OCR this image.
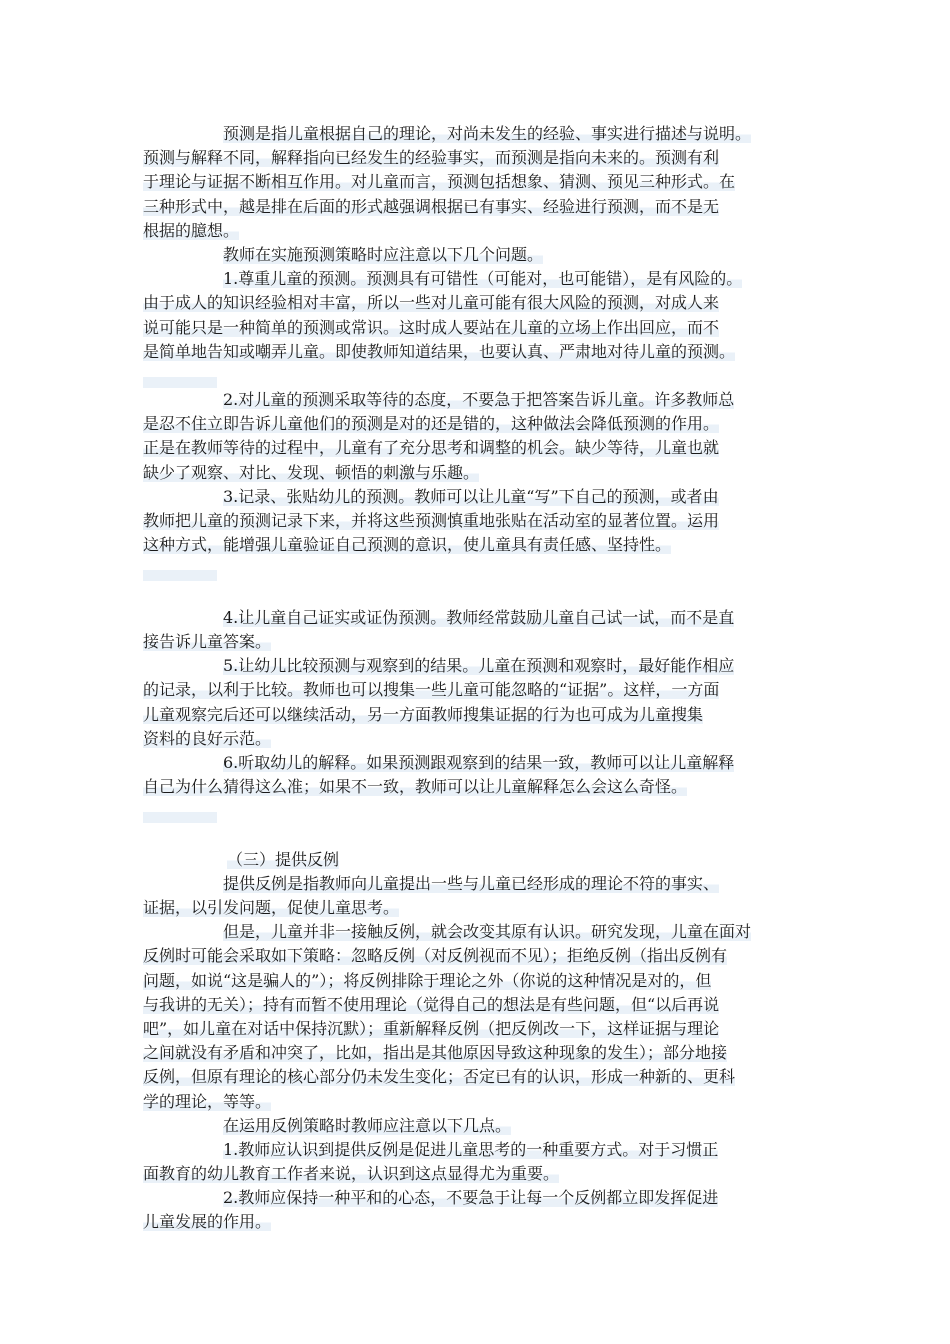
预测是指儿童根据自己的理论，对尚未发生的经验、事实进行描述与说明。
预测与解释不同，解释指向已经发生的经验事实，而预测是指向未来的。预测有利
于理论与证据不断相互作用。对儿童而言，预测包括想象、猜测、预见三种形式。在
三种形式中，越是排在后面的形式越强调根据已有事实、经验进行预测，而不是无
根据的臆想。
教师在实施预测策略时应注意以下几个问题。
1.尊重儿童的预测。预测具有可错性（可能对，也可能错），是有风险的。
由于成人的知识经验相对丰富，所以一些对儿童可能有很大风险的预测，对成人来
说可能只是一种简单的预测或常识。这时成人要站在儿童的立场上作出回应，而不
是简单地告知或嘲弄儿童。即使教师知道结果，也要认真、严肃地对待儿童的预测。
2.对儿童的预测采取等待的态度，不要急于把答案告诉儿童。许多教师总
是忍不住立即告诉儿童他们的预测是对的还是错的，这种做法会降低预测的作用。
正是在教师等待的过程中，儿童有了充分思考和调整的机会。缺少等待，儿童也就
缺少了观察、对比、发现、顿悟的刺激与乐趣。
3.记录、张贴幼儿的预测。教师可以让儿童“写”下自己的预测，或者由
教师把儿童的预测记录下来，并将这些预测慎重地张贴在活动室的显著位置。运用
这种方式，能增强儿童验证自己预测的意识，使儿童具有责任感、坚持性。
4.让儿童自己证实或证伪预测。教师经常鼓励儿童自己试一试，而不是直
接告诉儿童答案。
5.让幼儿比较预测与观察到的结果。儿童在预测和观察时，最好能作相应
的记录，以利于比较。教师也可以搜集一些儿童可能忽略的“证据”。这样，一方面
儿童观察完后还可以继续活动，另一方面教师搜集证据的行为也可成为儿童搜集
资料的良好示范。
6.听取幼儿的解释。如果预测跟观察到的结果一致，教师可以让儿童解释
自己为什么猜得这么准；如果不一致，教师可以让儿童解释怎么会这么奇怪。
（三）提供反例
提供反例是指教师向儿童提出一些与儿童已经形成的理论不符的事实、
证据，以引发问题，促使儿童思考。
但是，儿童并非一接触反例，就会改变其原有认识。研究发现，儿童在面对
反例时可能会采取如下策略：忽略反例（对反例视而不见）；拒绝反例（指出反例有
问题，如说“这是骗人的”）；将反例排除于理论之外（你说的这种情况是对的，但
与我讲的无关）；持有而暂不使用理论（觉得自己的想法是有些问题，但“以后再说
吧”，如儿童在对话中保持沉默）；重新解释反例（把反例改一下，这样证据与理论
之间就没有矛盾和冲突了，比如，指出是其他原因导致这种现象的发生）；部分地接
反例，但原有理论的核心部分仍未发生变化；否定已有的认识，形成一种新的、更科
学的理论，等等。
在运用反例策略时教师应注意以下几点。
1.教师应认识到提供反例是促进儿童思考的一种重要方式。对于习惯正
面教育的幼儿教育工作者来说，认识到这点显得尤为重要。
2.教师应保持一种平和的心态，不要急于让每一个反例都立即发挥促进
儿童发展的作用。
